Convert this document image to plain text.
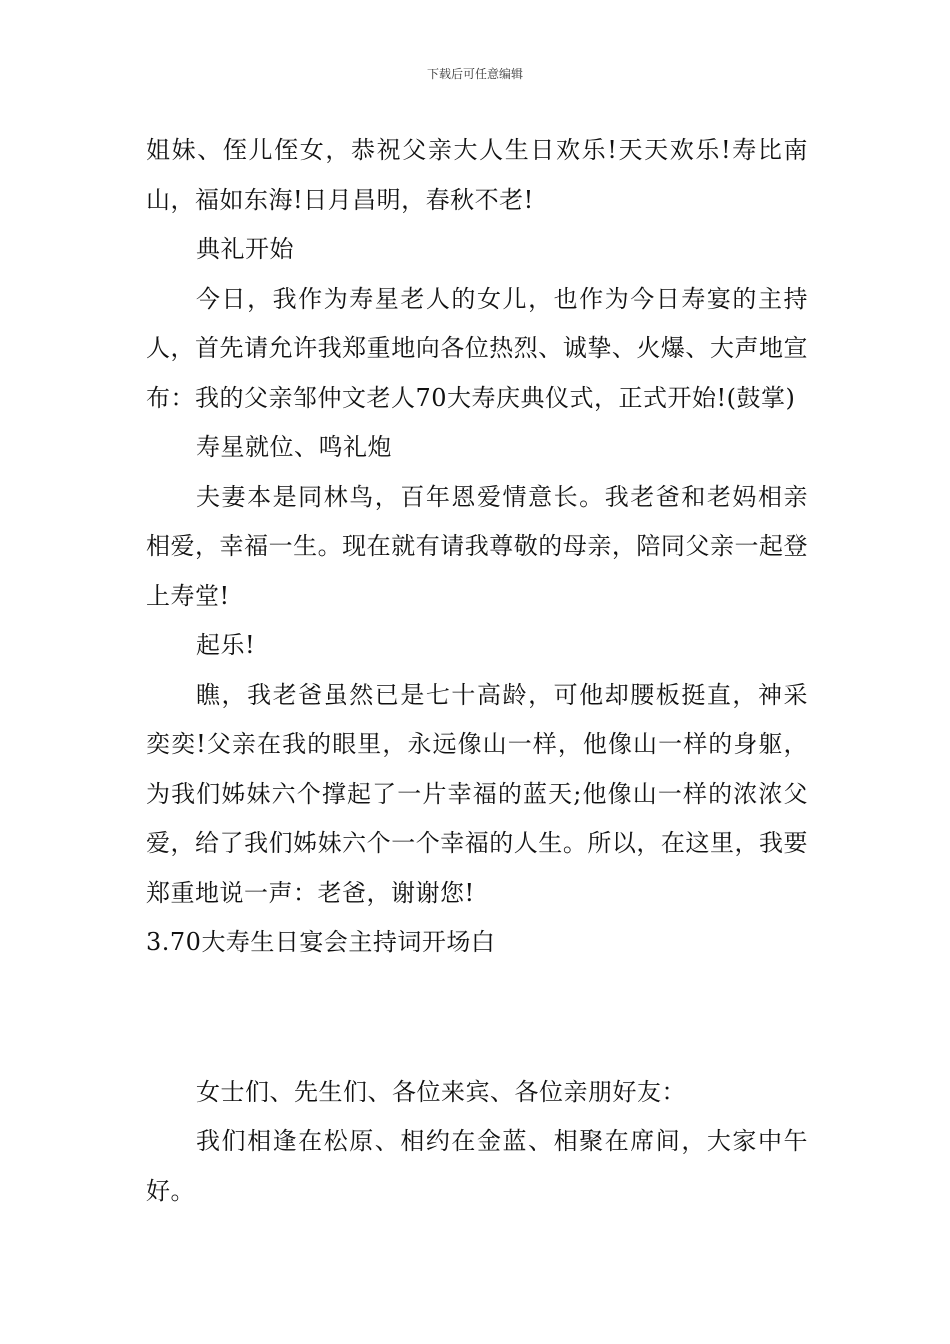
下载后可任意编辑

姐妹、侄儿侄女，恭祝父亲大人生日欢乐!天天欢乐!寿比南山，福如东海!日月昌明，春秋不老!

典礼开始

今日，我作为寿星老人的女儿，也作为今日寿宴的主持人，首先请允许我郑重地向各位热烈、诚挚、火爆、大声地宣布：我的父亲邹仲文老人70大寿庆典仪式，正式开始!(鼓掌)

寿星就位、鸣礼炮

夫妻本是同林鸟，百年恩爱情意长。我老爸和老妈相亲相爱，幸福一生。现在就有请我尊敬的母亲，陪同父亲一起登上寿堂!

起乐!

瞧，我老爸虽然已是七十高龄，可他却腰板挺直，神采奕奕!父亲在我的眼里，永远像山一样，他像山一样的身躯，为我们姊妹六个撑起了一片幸福的蓝天;他像山一样的浓浓父爱，给了我们姊妹六个一个幸福的人生。所以，在这里，我要郑重地说一声：老爸，谢谢您!

3.70大寿生日宴会主持词开场白

女士们、先生们、各位来宾、各位亲朋好友：

我们相逢在松原、相约在金蓝、相聚在席间，大家中午好。
